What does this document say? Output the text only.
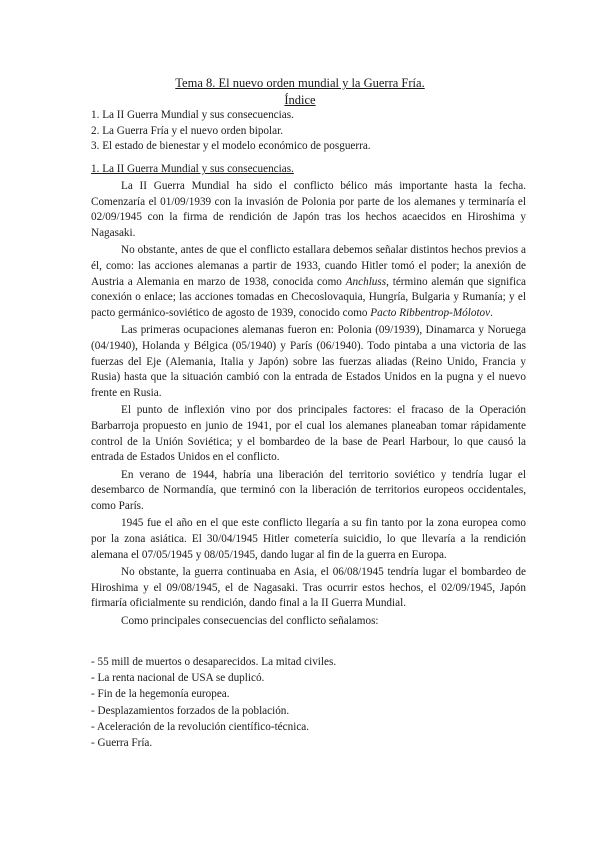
Tema 8. El nuevo orden mundial y la Guerra Fría.
Índice
1. La II Guerra Mundial y sus consecuencias.
2. La Guerra Fría y el nuevo orden bipolar.
3. El estado de bienestar y el modelo económico de posguerra.
1. La II Guerra Mundial y sus consecuencias.

La II Guerra Mundial ha sido el conflicto bélico más importante hasta la fecha. Comenzaría el 01/09/1939 con la invasión de Polonia por parte de los alemanes y terminaría el 02/09/1945 con la firma de rendición de Japón tras los hechos acaecidos en Hiroshima y Nagasaki.

No obstante, antes de que el conflicto estallara debemos señalar distintos hechos previos a él, como: las acciones alemanas a partir de 1933, cuando Hitler tomó el poder; la anexión de Austria a Alemania en marzo de 1938, conocida como Anchluss, término alemán que significa conexión o enlace; las acciones tomadas en Checoslovaquia, Hungría, Bulgaria y Rumanía; y el pacto germánico-soviético de agosto de 1939, conocido como Pacto Ribbentrop-Mólotov.

Las primeras ocupaciones alemanas fueron en: Polonia (09/1939), Dinamarca y Noruega (04/1940), Holanda y Bélgica (05/1940) y París (06/1940). Todo pintaba a una victoria de las fuerzas del Eje (Alemania, Italia y Japón) sobre las fuerzas aliadas (Reino Unido, Francia y Rusia) hasta que la situación cambió con la entrada de Estados Unidos en la pugna y el nuevo frente en Rusia.

El punto de inflexión vino por dos principales factores: el fracaso de la Operación Barbarroja propuesto en junio de 1941, por el cual los alemanes planeaban tomar rápidamente control de la Unión Soviética; y el bombardeo de la base de Pearl Harbour, lo que causó la entrada de Estados Unidos en el conflicto.

En verano de 1944, habría una liberación del territorio soviético y tendría lugar el desembarco de Normandía, que terminó con la liberación de territorios europeos occidentales, como París.

1945 fue el año en el que este conflicto llegaría a su fin tanto por la zona europea como por la zona asiática. El 30/04/1945 Hitler cometería suicidio, lo que llevaría a la rendición alemana el 07/05/1945 y 08/05/1945, dando lugar al fin de la guerra en Europa.

No obstante, la guerra continuaba en Asia, el 06/08/1945 tendría lugar el bombardeo de Hiroshima y el 09/08/1945, el de Nagasaki. Tras ocurrir estos hechos, el 02/09/1945, Japón firmaría oficialmente su rendición, dando final a la II Guerra Mundial.

Como principales consecuencias del conflicto señalamos:

- 55 mill de muertos o desaparecidos. La mitad civiles.
- La renta nacional de USA se duplicó.
- Fin de la hegemonía europea.
- Desplazamientos forzados de la población.
- Aceleración de la revolución científico-técnica.
- Guerra Fría.
